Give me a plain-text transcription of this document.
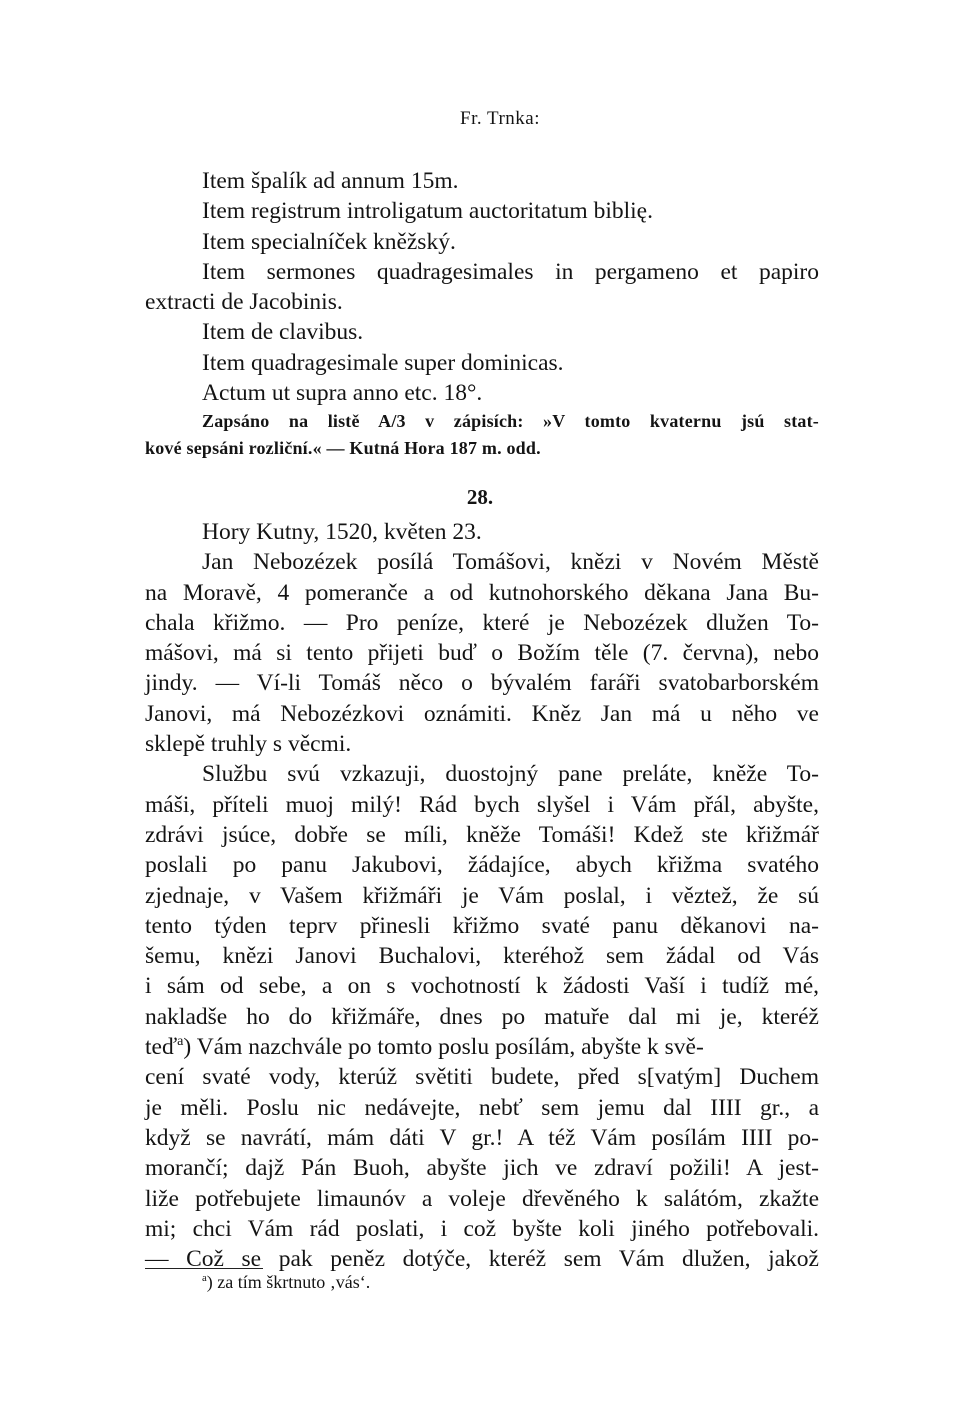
Fr. Trnka:
Item špalík ad annum 15m.
Item registrum introligatum auctoritatum biblię.
Item specialníček kněžský.
Item sermones quadragesimales in pergameno et papiro
extracti de Jacobinis.
Item de clavibus.
Item quadragesimale super dominicas.
Actum ut supra anno etc. 18°.
Zapsáno na listě A/3 v zápisích: »V tomto kvaternu jsú stat-
kové sepsáni rozliční.« — Kutná Hora 187 m. odd.
28.
Hory Kutny, 1520, květen 23.
Jan Nebozézek posílá Tomášovi, knězi v Novém Městě
na Moravě, 4 pomeranče a od kutnohorského děkana Jana Bu-
chala křižmo. — Pro peníze, které je Nebozézek dlužen To-
mášovi, má si tento přijeti buď o Božím těle (7. června), nebo
jindy. — Ví-li Tomáš něco o bývalém faráři svatobarborském
Janovi, má Nebozézkovi oznámiti. Kněz Jan má u něho ve
sklepě truhly s věcmi.
Službu svú vzkazuji, duostojný pane preláte, kněže To-
máši, příteli muoj milý! Rád bych slyšel i Vám přál, abyšte,
zdrávi jsúce, dobře se míli, kněže Tomáši! Kdež ste křižmář
poslali po panu Jakubovi, žádajíce, abych křižma svatého
zjednaje, v Vašem křižmáři je Vám poslal, i věztež, že sú
tento týden teprv přinesli křižmo svaté panu děkanovi na-
šemu, knězi Janovi Buchalovi, kteréhož sem žádal od Vás
i sám od sebe, a on s vochotností k žádosti Vaší i tudíž mé,
nakladše ho do křižmáře, dnes po matuře dal mi je, kteréž
teď$^a$) Vám nazchvále po tomto poslu posílám, abyšte k svě-
cení svaté vody, kterúž světiti budete, před s[vatým] Duchem
je měli. Poslu nic nedávejte, nebť sem jemu dal IIII gr., a
když se navrátí, mám dáti V gr.! A též Vám posílám IIII po-
morančí; dajž Pán Buoh, abyšte jich ve zdraví požili! A jest-
liže potřebujete limaunóv a voleje dřevěného k salátóm, zkažte
mi; chci Vám rád poslati, i což byšte koli jiného potřebovali.
— Což se pak peněz dotýče, kteréž sem Vám dlužen, jakož
$^a$) za tím škrtnuto ‚vás‘.
